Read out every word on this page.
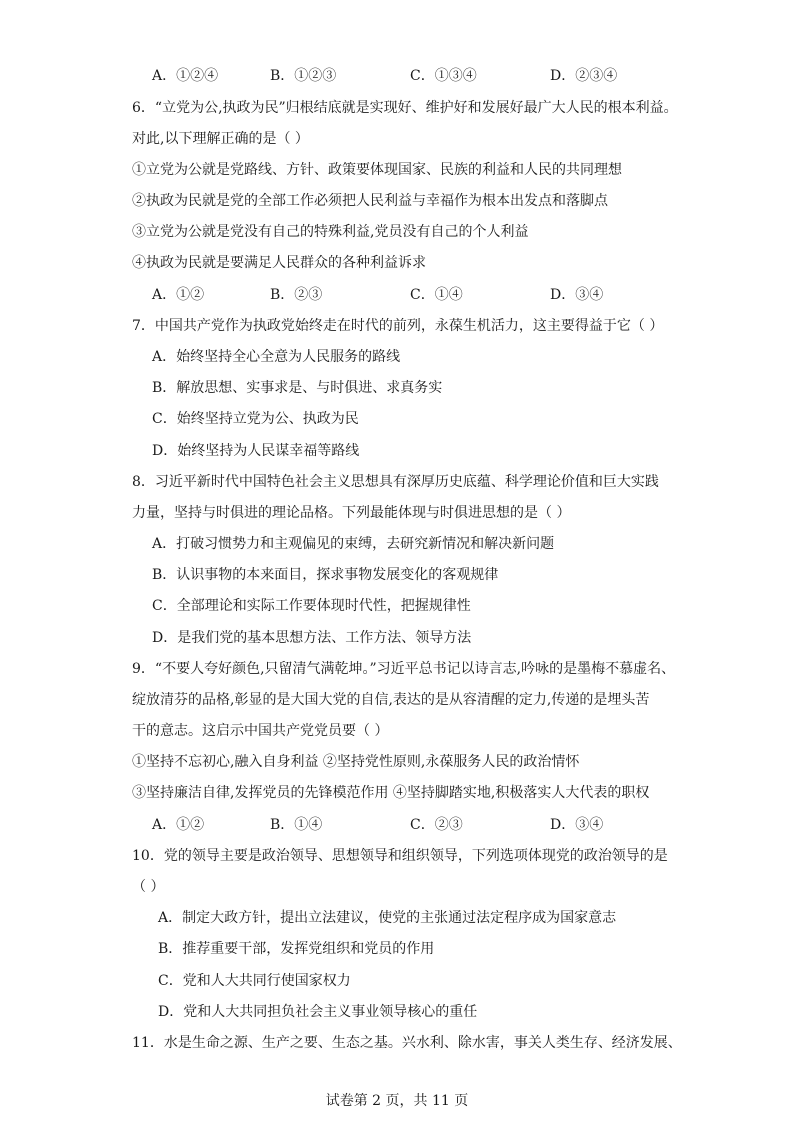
A．①②④	B．①②③	C．①③④	D．②③④
6．“立党为公,执政为民”归根结底就是实现好、维护好和发展好最广大人民的根本利益。
对此,以下理解正确的是（ ）
①立党为公就是党路线、方针、政策要体现国家、民族的利益和人民的共同理想
②执政为民就是党的全部工作必须把人民利益与幸福作为根本出发点和落脚点
③立党为公就是党没有自己的特殊利益,党员没有自己的个人利益
④执政为民就是要满足人民群众的各种利益诉求
A．①②	B．②③	C．①④	D．③④
7．中国共产党作为执政党始终走在时代的前列，永葆生机活力，这主要得益于它（ ）
A．始终坚持全心全意为人民服务的路线
B．解放思想、实事求是、与时俱进、求真务实
C．始终坚持立党为公、执政为民
D．始终坚持为人民谋幸福等路线
8．习近平新时代中国特色社会主义思想具有深厚历史底蕴、科学理论价值和巨大实践
力量，坚持与时俱进的理论品格。下列最能体现与时俱进思想的是（ ）
A．打破习惯势力和主观偏见的束缚，去研究新情况和解决新问题
B．认识事物的本来面目，探求事物发展变化的客观规律
C．全部理论和实际工作要体现时代性，把握规律性
D．是我们党的基本思想方法、工作方法、领导方法
9．“不要人夸好颜色,只留清气满乾坤。”习近平总书记以诗言志,吟咏的是墨梅不慕虚名、
绽放清芬的品格,彰显的是大国大党的自信,表达的是从容清醒的定力,传递的是埋头苦
干的意志。这启示中国共产党党员要（ ）
①坚持不忘初心,融入自身利益 ②坚持党性原则,永葆服务人民的政治情怀
③坚持廉洁自律,发挥党员的先锋模范作用 ④坚持脚踏实地,积极落实人大代表的职权
A．①②	B．①④	C．②③	D．③④
10．党的领导主要是政治领导、思想领导和组织领导，下列选项体现党的政治领导的是
（ ）
A．制定大政方针，提出立法建议，使党的主张通过法定程序成为国家意志
B．推荐重要干部，发挥党组织和党员的作用
C．党和人大共同行使国家权力
D．党和人大共同担负社会主义事业领导核心的重任
11．水是生命之源、生产之要、生态之基。兴水利、除水害，事关人类生存、经济发展、
试卷第 2 页，共 11 页
